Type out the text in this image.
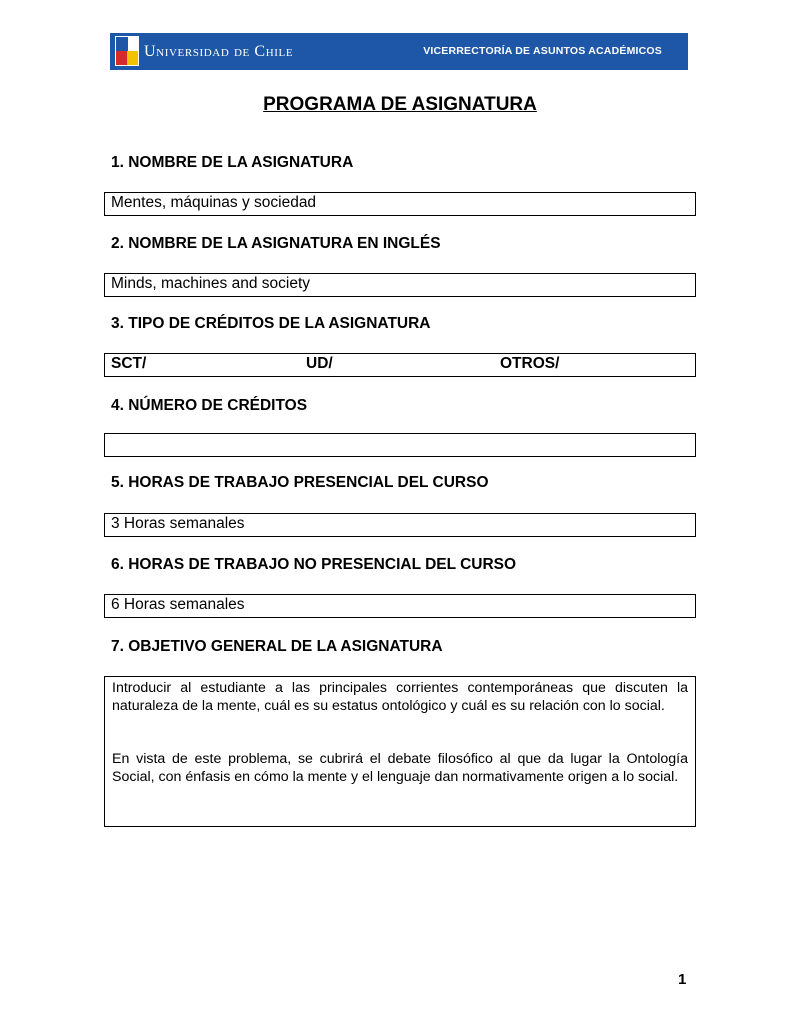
Universidad de Chile	VICERRECTORÍA DE ASUNTOS ACADÉMICOS
PROGRAMA DE ASIGNATURA
1. NOMBRE DE LA ASIGNATURA
Mentes, máquinas y sociedad
2. NOMBRE DE LA ASIGNATURA EN INGLÉS
Minds, machines and society
3. TIPO DE CRÉDITOS DE LA ASIGNATURA
SCT/	UD/	OTROS/
4. NÚMERO DE CRÉDITOS
5. HORAS DE TRABAJO PRESENCIAL DEL CURSO
3 Horas semanales
6. HORAS DE TRABAJO NO PRESENCIAL DEL CURSO
6 Horas semanales
7. OBJETIVO GENERAL DE LA ASIGNATURA
Introducir al estudiante a las principales corrientes contemporáneas que discuten la naturaleza de la mente, cuál es su estatus ontológico y cuál es su relación con lo social.
En vista de este problema, se cubrirá el debate filosófico al que da lugar la Ontología Social, con énfasis en cómo la mente y el lenguaje dan normativamente origen a lo social.
1
